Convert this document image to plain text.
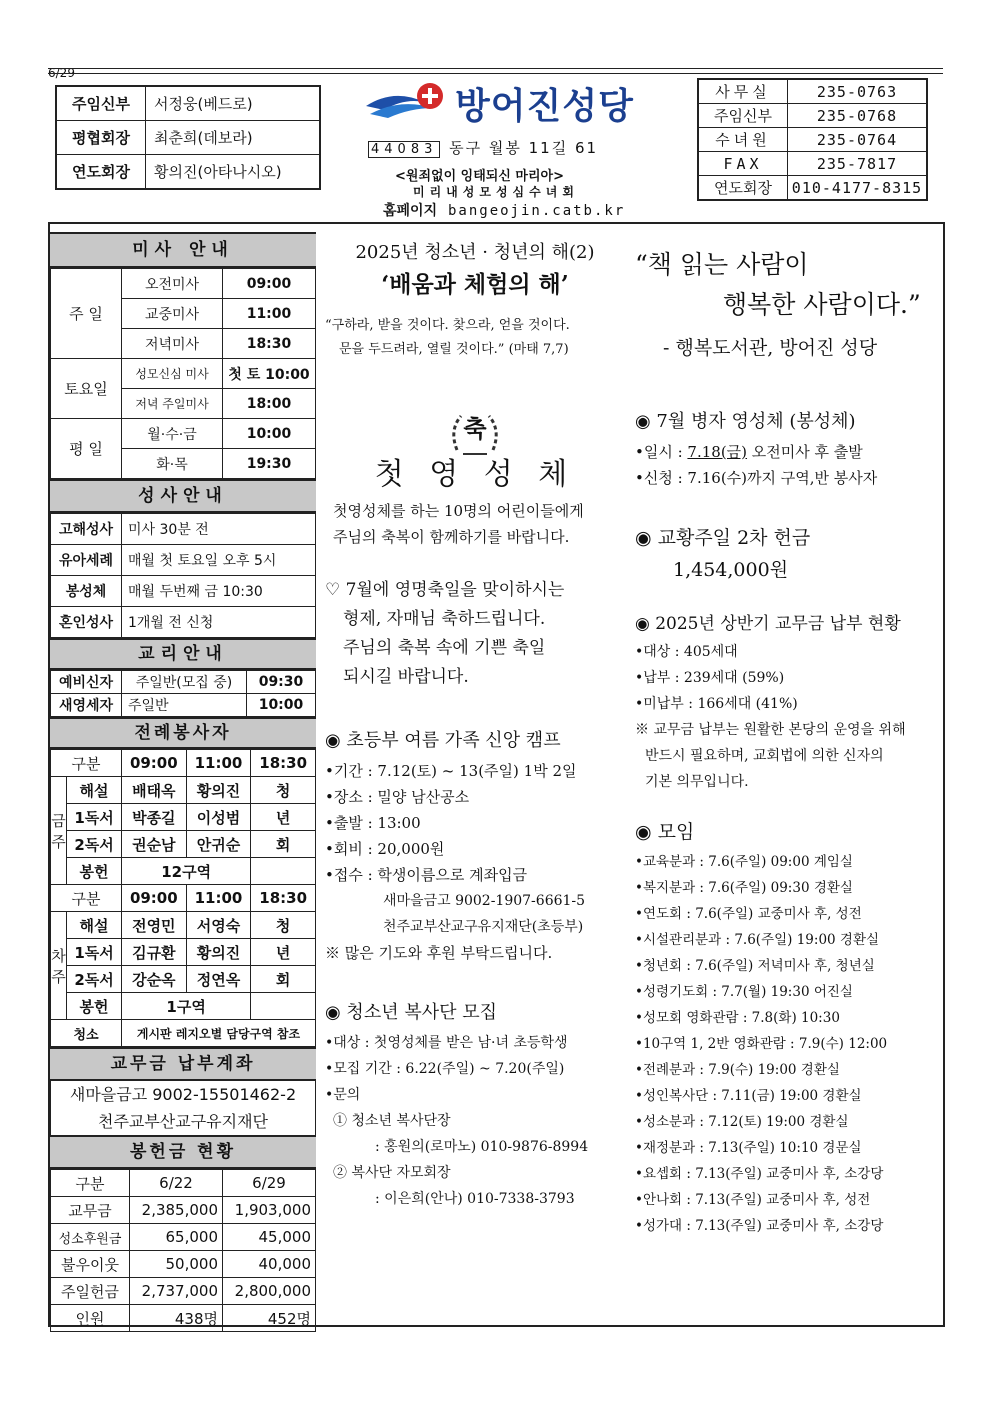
6/29
주임신부	서정웅(베드로)
평협회장	최춘희(데보라)
연도회장	황의진(아타나시오)
방어진성당
44083 동구 월봉 11길 61
<원죄없이 잉태되신 마리아>
미리내성모성심수녀회
홈페이지 bangeojin.catb.kr
사무실	235-0763
주임신부	235-0768
수녀원	235-0764
FAX	235-7817
연도회장	010-4177-8315
미사 안내
주 일	오전미사	09:00
	교중미사	11:00
	저녁미사	18:30
토요일	성모신심 미사	첫 토 10:00
	저녁 주일미사	18:00
평 일	월·수·금	10:00
	화·목	19:30
성사안내
고해성사	미사 30분 전
유아세례	매월 첫 토요일 오후 5시
봉성체	매월 두번째 금 10:30
혼인성사	1개월 전 신청
교리안내
예비신자	주일반(모집 중)	09:30
새영세자	주일반	10:00
전례봉사자
구분		09:00	11:00	18:30

금
주	해설	배태옥	황의진	청
	1독서	박종길	이성범	년
	2독서	권순남	안귀순	회
	봉헌	12구역		
구분		09:00	11:00	18:30

차
주	해설	전영민	서영숙	청
	1독서	김규환	황의진	년
	2독서	강순옥	정연옥	회
	봉헌	1구역		
청소		게시판 레지오별 담당구역 참조		
교무금 납부계좌
새마을금고 9002-15501462-2
천주교부산교구유지재단
봉헌금 현황
구분	6/22	6/29
교무금	2,385,000	1,903,000
성소후원금	65,000	45,000
불우이웃	50,000	40,000
주일헌금	2,737,000	2,800,000
인원	438명	452명
2025년 청소년 · 청년의 해(2)
‘배움과 체험의 해’
“구하라, 받을 것이다. 찾으라, 얻을 것이다.
문을 두드려라, 열릴 것이다.” (마태 7,7)
축
첫 영 성 체
첫영성체를 하는 10명의 어린이들에게
주님의 축복이 함께하기를 바랍니다.
♡ 7월에 영명축일을 맞이하시는
형제, 자매님 축하드립니다.
주님의 축복 속에 기쁜 축일
되시길 바랍니다.
◉ 초등부 여름 가족 신앙 캠프
•기간 : 7.12(토) ~ 13(주일) 1박 2일
•장소 : 밀양 남산공소
•출발 : 13:00
•회비 : 20,000원
•접수 : 학생이름으로 계좌입금
새마을금고 9002-1907-6661-5
천주교부산교구유지재단(초등부)
※ 많은 기도와 후원 부탁드립니다.
◉ 청소년 복사단 모집
•대상 : 첫영성체를 받은 남·녀 초등학생
•모집 기간 : 6.22(주일) ~ 7.20(주일)
•문의
① 청소년 복사단장
: 홍원의(로마노) 010-9876-8994
② 복사단 자모회장
: 이은희(안나) 010-7338-3793
“책 읽는 사람이
행복한 사람이다.”
- 행복도서관, 방어진 성당
◉ 7월 병자 영성체 (봉성체)
•일시 : 7.18(금) 오전미사 후 출발
•신청 : 7.16(수)까지 구역,반 봉사자
◉ 교황주일 2차 헌금
1,454,000원
◉ 2025년 상반기 교무금 납부 현황
•대상 : 405세대
•납부 : 239세대 (59%)
•미납부 : 166세대 (41%)
※ 교무금 납부는 원활한 본당의 운영을 위해
반드시 필요하며, 교회법에 의한 신자의
기본 의무입니다.
◉ 모임
•교육분과 : 7.6(주일) 09:00 계임실
•복지분과 : 7.6(주일) 09:30 경환실
•연도회 : 7.6(주일) 교중미사 후, 성전
•시설관리분과 : 7.6(주일) 19:00 경환실
•청년회 : 7.6(주일) 저녁미사 후, 청년실
•성령기도회 : 7.7(월) 19:30 어진실
•성모회 영화관람 : 7.8(화) 10:30
•10구역 1, 2반 영화관람 : 7.9(수) 12:00
•전례분과 : 7.9(수) 19:00 경환실
•성인복사단 : 7.11(금) 19:00 경환실
•성소분과 : 7.12(토) 19:00 경환실
•재정분과 : 7.13(주일) 10:10 경문실
•요셉회 : 7.13(주일) 교중미사 후, 소강당
•안나회 : 7.13(주일) 교중미사 후, 성전
•성가대 : 7.13(주일) 교중미사 후, 소강당
